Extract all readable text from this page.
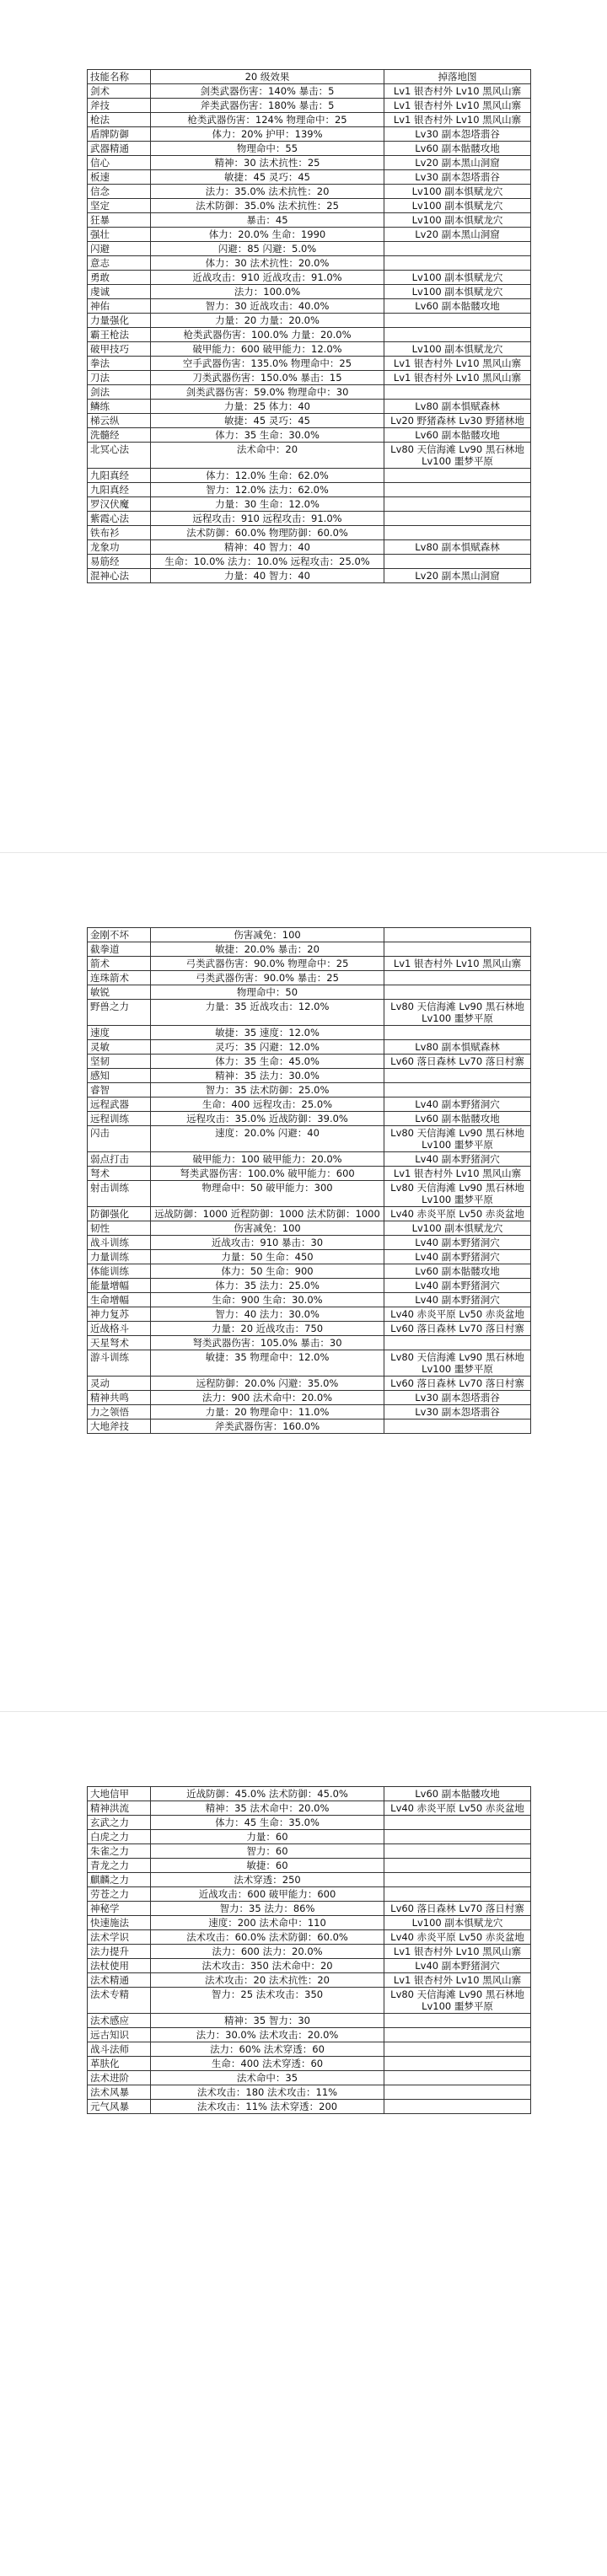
技能名称	20 级效果	掉落地图
剑术	剑类武器伤害：140% 暴击：5	Lv1 银杏村外 Lv10 黑风山寨
斧技	斧类武器伤害：180% 暴击：5	Lv1 银杏村外 Lv10 黑风山寨
枪法	枪类武器伤害：124% 物理命中：25	Lv1 银杏村外 Lv10 黑风山寨
盾牌防御	体力：20% 护甲：139%	Lv30 副本怨塔翡谷
武器精通	物理命中：55	Lv60 副本骷髅攻地
信心	精神：30 法术抗性：25	Lv20 副本黑山洞窟
板速	敏捷：45 灵巧：45	Lv30 副本怨塔翡谷
信念	法力：35.0% 法术抗性：20	Lv100 副本惧赋龙穴
坚定	法术防御：35.0% 法术抗性：25	Lv100 副本惧赋龙穴
狂暴	暴击：45	Lv100 副本惧赋龙穴
强壮	体力：20.0% 生命：1990	Lv20 副本黑山洞窟
闪避	闪避：85 闪避：5.0%	
意志	体力：30 法术抗性：20.0%	
勇敢	近战攻击：910 近战攻击：91.0%	Lv100 副本惧赋龙穴
虔诚	法力：100.0%	Lv100 副本惧赋龙穴
神佑	智力：30 近战攻击：40.0%	Lv60 副本骷髅攻地
力量强化	力量：20 力量：20.0%	
霸王枪法	枪类武器伤害：100.0% 力量：20.0%	
破甲技巧	破甲能力：600 破甲能力：12.0%	Lv100 副本惧赋龙穴
拳法	空手武器伤害：135.0% 物理命中：25	Lv1 银杏村外 Lv10 黑风山寨
刀法	刀类武器伤害：150.0% 暴击：15	Lv1 银杏村外 Lv10 黑风山寨
剑法	剑类武器伤害：59.0% 物理命中：30	
鳞练	力量：25 体力：40	Lv80 副本惧赋森林
梯云纵	敏捷：45 灵巧：45	Lv20 野猪森林 Lv30 野猪林地
洗髓经	体力：35 生命：30.0%	Lv60 副本骷髅攻地
北冥心法	法术命中：20	Lv80 天信海滩 Lv90 黑石林地 Lv100 噩梦平原
九阳真经	体力：12.0% 生命：62.0%	
九阳真经	智力：12.0% 法力：62.0%	
罗汉伏魔	力量：30 生命：12.0%	
紫霞心法	远程攻击：910 远程攻击：91.0%	
铁布衫	法术防御：60.0% 物理防御：60.0%	
龙象功	精神：40 智力：40	Lv80 副本惧赋森林
易筋经	生命：10.0% 法力：10.0% 远程攻击：25.0%	
混神心法	力量：40 智力：40	Lv20 副本黑山洞窟
金刚不坏	伤害减免：100	
截拳道	敏捷：20.0% 暴击：20	
箭术	弓类武器伤害：90.0% 物理命中：25	Lv1 银杏村外 Lv10 黑风山寨
连珠箭术	弓类武器伤害：90.0% 暴击：25	
敏锐	物理命中：50	
野兽之力	力量：35 近战攻击：12.0%	Lv80 天信海滩 Lv90 黑石林地 Lv100 噩梦平原
速度	敏捷：35 速度：12.0%	
灵敏	灵巧：35 闪避：12.0%	Lv80 副本惧赋森林
坚韧	体力：35 生命：45.0%	Lv60 落日森林 Lv70 落日村寨
感知	精神：35 法力：30.0%	
睿智	智力：35 法术防御：25.0%	
远程武器	生命：400 远程攻击：25.0%	Lv40 副本野猪洞穴
远程训练	远程攻击：35.0% 近战防御：39.0%	Lv60 副本骷髅攻地
闪击	速度：20.0% 闪避：40	Lv80 天信海滩 Lv90 黑石林地 Lv100 噩梦平原
弱点打击	破甲能力：100 破甲能力：20.0%	Lv40 副本野猪洞穴
弩术	弩类武器伤害：100.0% 破甲能力：600	Lv1 银杏村外 Lv10 黑风山寨
射击训练	物理命中：50 破甲能力：300	Lv80 天信海滩 Lv90 黑石林地 Lv100 噩梦平原
防御强化	远战防御：1000 近程防御：1000 法术防御：1000	Lv40 赤炎平原 Lv50 赤炎盆地
韧性	伤害减免：100	Lv100 副本惧赋龙穴
战斗训练	近战攻击：910 暴击：30	Lv40 副本野猪洞穴
力量训练	力量：50 生命：450	Lv40 副本野猪洞穴
体能训练	体力：50 生命：900	Lv60 副本骷髅攻地
能量增幅	体力：35 法力：25.0%	Lv40 副本野猪洞穴
生命增幅	生命：900 生命：30.0%	Lv40 副本野猪洞穴
神力复苏	智力：40 法力：30.0%	Lv40 赤炎平原 Lv50 赤炎盆地
近战格斗	力量：20 近战攻击：750	Lv60 落日森林 Lv70 落日村寨
天星弩术	弩类武器伤害：105.0% 暴击：30	
游斗训练	敏捷：35 物理命中：12.0%	Lv80 天信海滩 Lv90 黑石林地 Lv100 噩梦平原
灵动	远程防御：20.0% 闪避：35.0%	Lv60 落日森林 Lv70 落日村寨
精神共鸣	法力：900 法术命中：20.0%	Lv30 副本怨塔翡谷
力之领悟	力量：20 物理命中：11.0%	Lv30 副本怨塔翡谷
大地斧技	斧类武器伤害：160.0%	
大地信甲	近战防御：45.0% 法术防御：45.0%	Lv60 副本骷髅攻地
精神洪流	精神：35 法术命中：20.0%	Lv40 赤炎平原 Lv50 赤炎盆地
玄武之力	体力：45 生命：35.0%	
白虎之力	力量：60	
朱雀之力	智力：60	
青龙之力	敏捷：60	
麒麟之力	法术穿透：250	
劳苍之力	近战攻击：600 破甲能力：600	
神秘学	智力：35 法力：86%	Lv60 落日森林 Lv70 落日村寨
快速施法	速度：200 法术命中：110	Lv100 副本惧赋龙穴
法术学识	法术攻击：60.0% 法术防御：60.0%	Lv40 赤炎平原 Lv50 赤炎盆地
法力提升	法力：600 法力：20.0%	Lv1 银杏村外 Lv10 黑风山寨
法杖使用	法术攻击：350 法术命中：20	Lv40 副本野猪洞穴
法术精通	法术攻击：20 法术抗性：20	Lv1 银杏村外 Lv10 黑风山寨
法术专精	智力：25 法术攻击：350	Lv80 天信海滩 Lv90 黑石林地 Lv100 噩梦平原
法术感应	精神：35 智力：30	
远古知识	法力：30.0% 法术攻击：20.0%	
战斗法师	法力：60% 法术穿透：60	
革肤化	生命：400 法术穿透：60	
法术进阶	法术命中：35	
法术风暴	法术攻击：180 法术攻击：11%	
元气风暴	法术攻击：11% 法术穿透：200	
